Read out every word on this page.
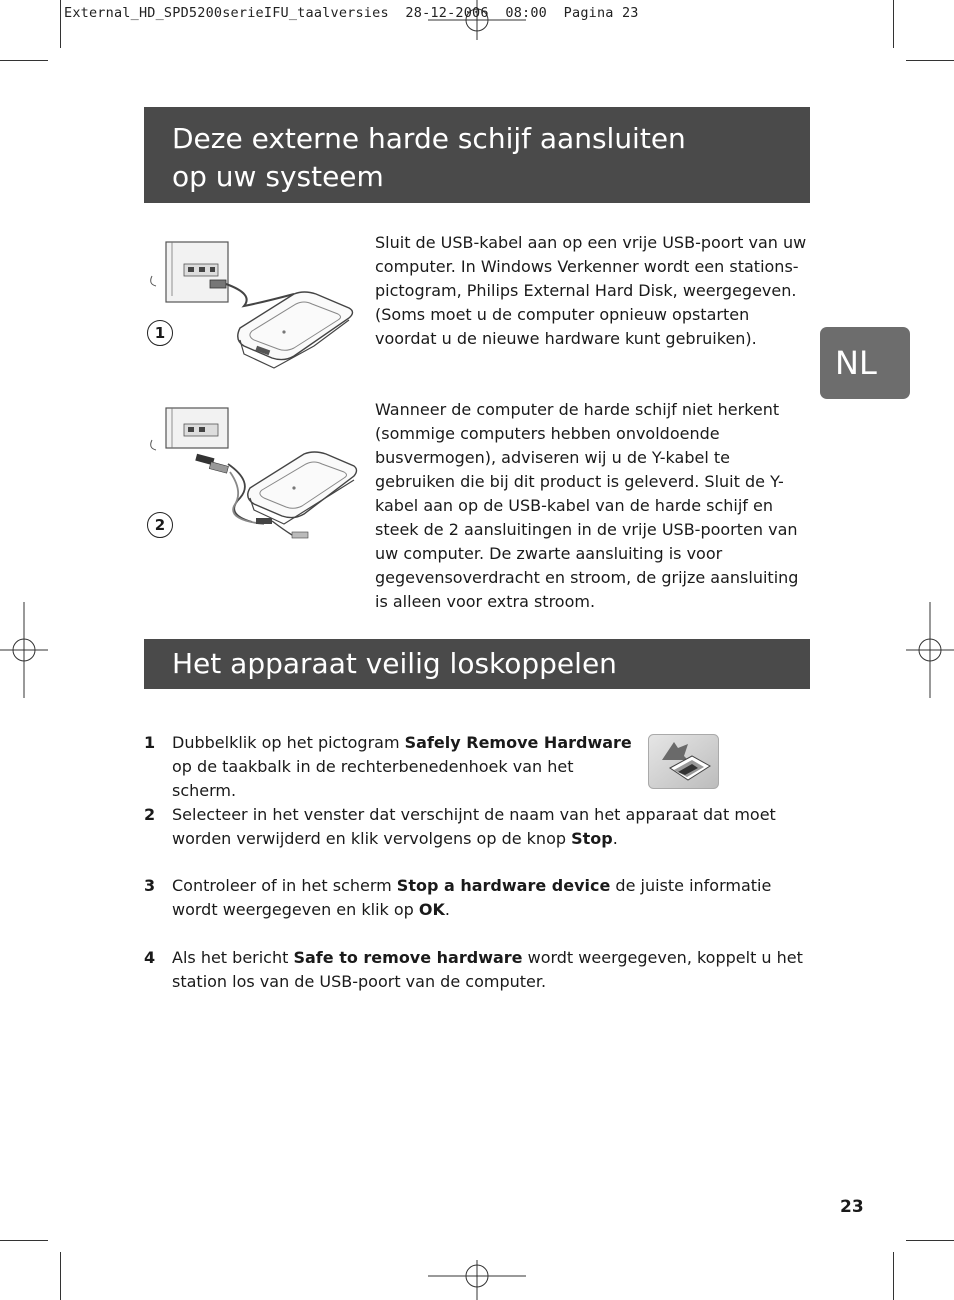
External_HD_SPD5200serieIFU_taalversies  28-12-2006  08:00  Pagina 23
Deze externe harde schijf aansluiten
op uw systeem
1
Sluit de USB-kabel aan op een vrije USB-poort van uw computer. In Windows Verkenner wordt een stations-pictogram, Philips External Hard Disk, weergegeven. (Soms moet u de computer opnieuw opstarten voordat u de nieuwe hardware kunt gebruiken).
2
Wanneer de computer de harde schijf niet herkent (sommige computers hebben onvoldoende busvermogen), adviseren wij u de Y-kabel te gebruiken die bij dit product is geleverd. Sluit de Y-kabel aan op de USB-kabel van de harde schijf en steek de 2 aansluitingen in de vrije USB-poorten van uw computer. De zwarte aansluiting is voor gegevensoverdracht en stroom, de grijze aansluiting is alleen voor extra stroom.
NL
Het apparaat veilig loskoppelen
1 Dubbelklik op het pictogram Safely Remove Hardware op de taakbalk in de rechterbenedenhoek van het scherm.
2 Selecteer in het venster dat verschijnt de naam van het apparaat dat moet worden verwijderd en klik vervolgens op de knop Stop.
3 Controleer of in het scherm Stop a hardware device de juiste informatie wordt weergegeven en klik op OK.
4 Als het bericht Safe to remove hardware wordt weergegeven, koppelt u het station los van de USB-poort van de computer.
23
